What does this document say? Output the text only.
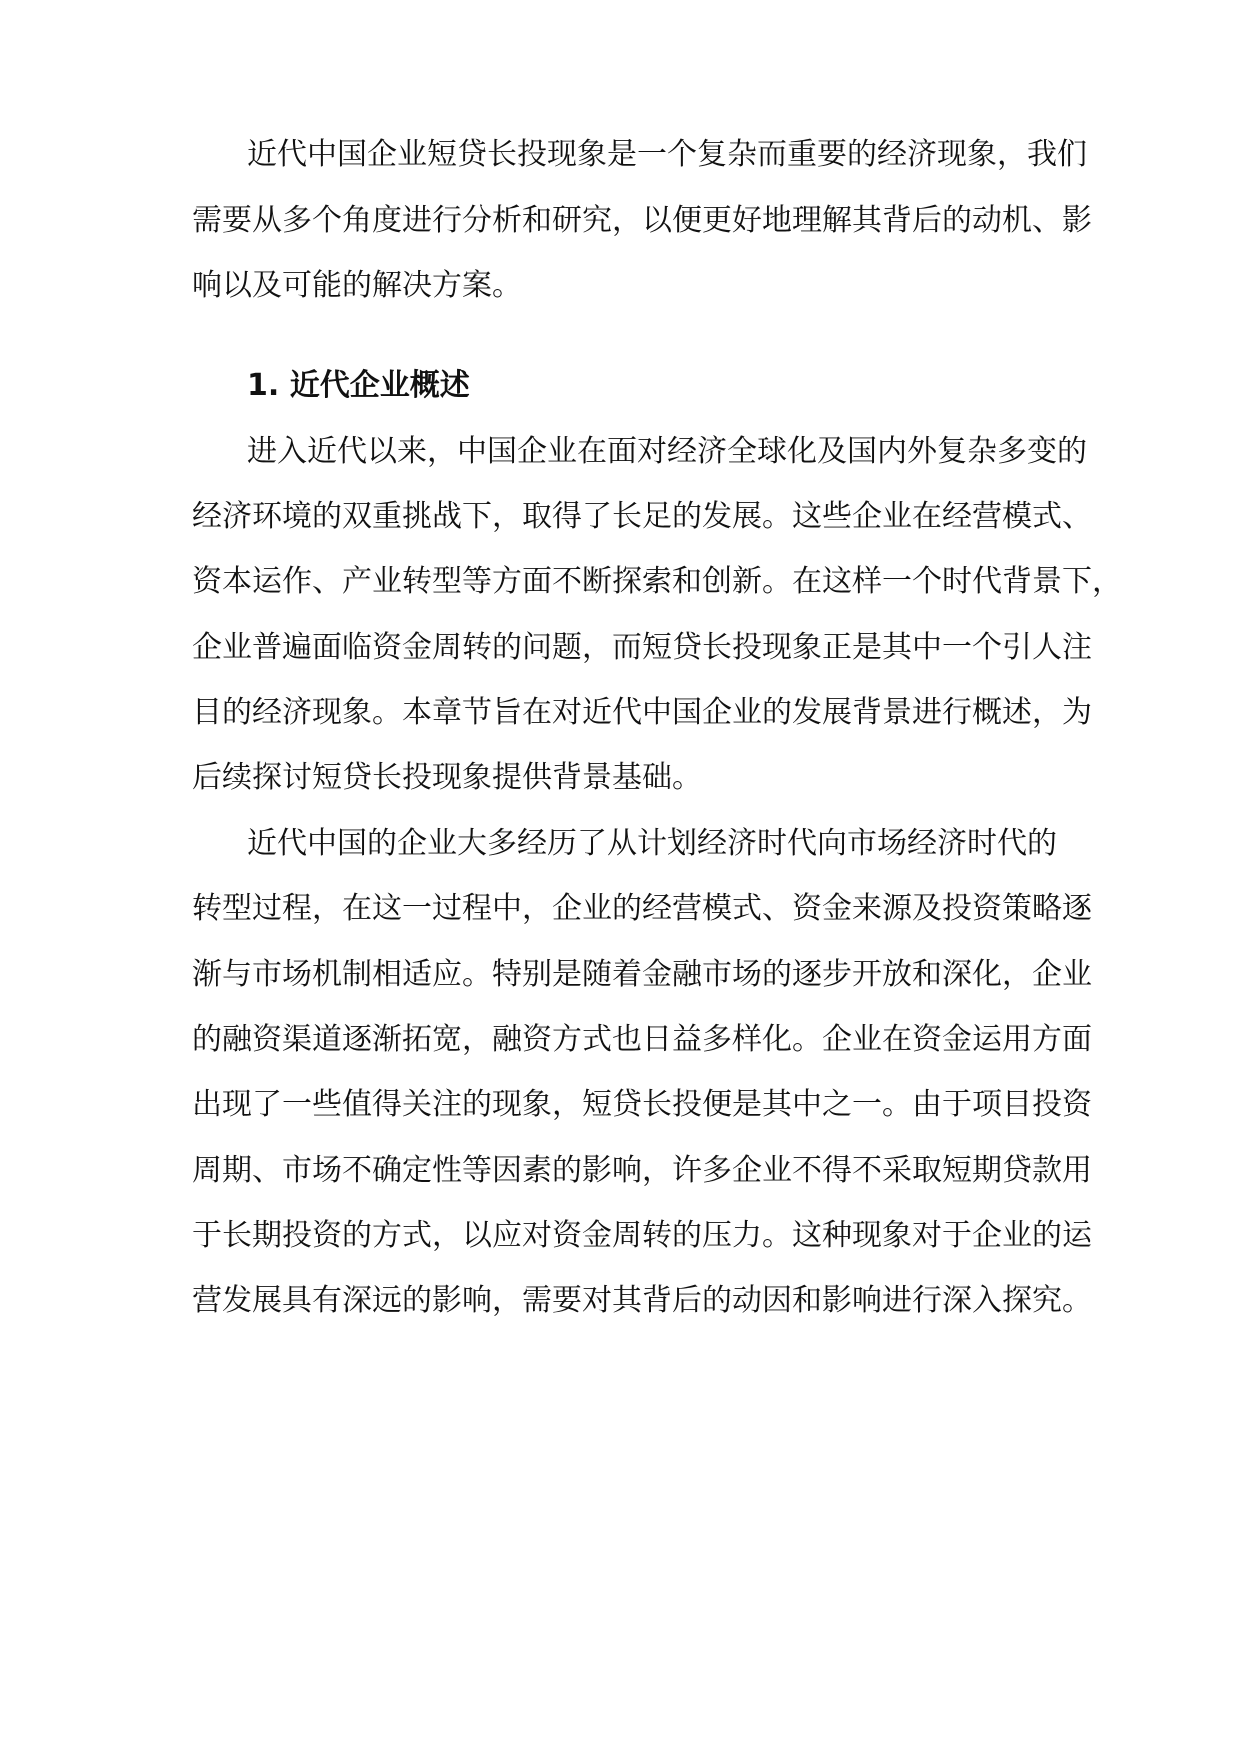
近代中国企业短贷长投现象是一个复杂而重要的经济现象，我们
需要从多个角度进行分析和研究，以便更好地理解其背后的动机、影
响以及可能的解决方案。
1. 近代企业概述
进入近代以来，中国企业在面对经济全球化及国内外复杂多变的
经济环境的双重挑战下，取得了长足的发展。这些企业在经营模式、
资本运作、产业转型等方面不断探索和创新。在这样一个时代背景下，
企业普遍面临资金周转的问题，而短贷长投现象正是其中一个引人注
目的经济现象。本章节旨在对近代中国企业的发展背景进行概述，为
后续探讨短贷长投现象提供背景基础。
近代中国的企业大多经历了从计划经济时代向市场经济时代的
转型过程，在这一过程中，企业的经营模式、资金来源及投资策略逐
渐与市场机制相适应。特别是随着金融市场的逐步开放和深化，企业
的融资渠道逐渐拓宽，融资方式也日益多样化。企业在资金运用方面
出现了一些值得关注的现象，短贷长投便是其中之一。由于项目投资
周期、市场不确定性等因素的影响，许多企业不得不采取短期贷款用
于长期投资的方式，以应对资金周转的压力。这种现象对于企业的运
营发展具有深远的影响，需要对其背后的动因和影响进行深入探究。
